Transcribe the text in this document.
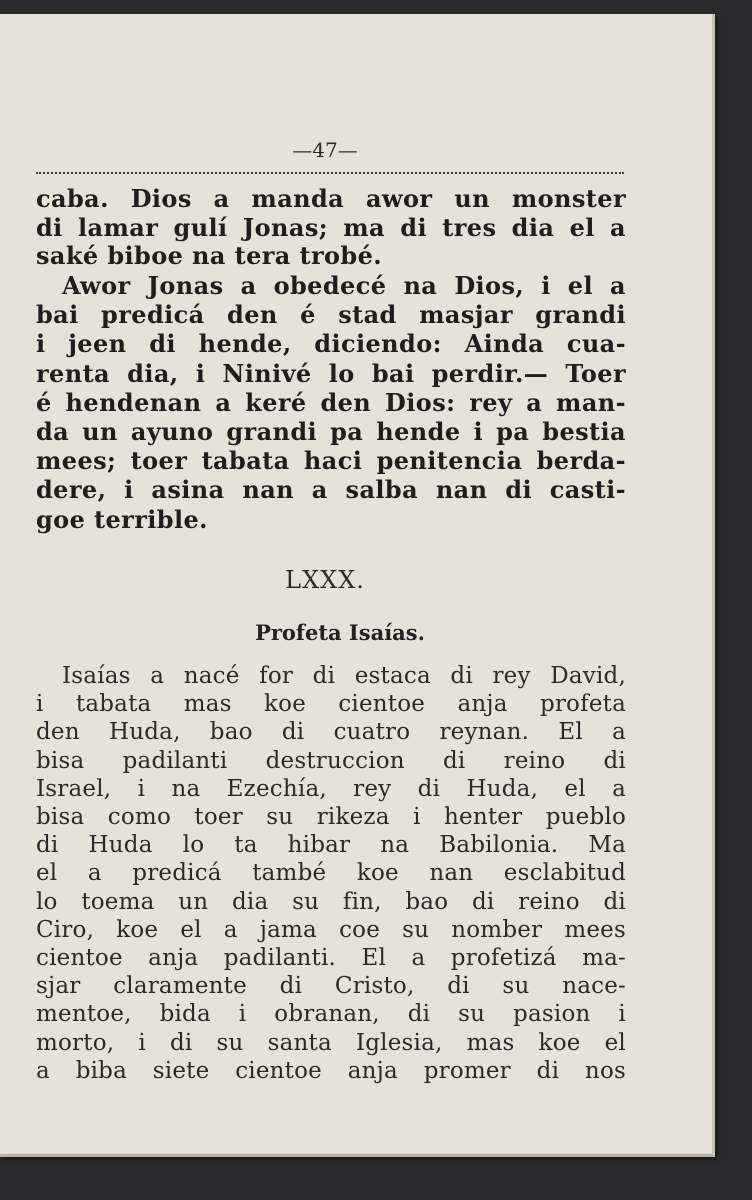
—47—
caba. Dios a manda awor un monster
di lamar gulí Jonas; ma di tres dia el a
saké biboe na tera trobé.
Awor Jonas a obedecé na Dios, i el a
bai predicá den é stad masjar grandi
i jeen di hende, diciendo: Ainda cua-
renta dia, i Ninivé lo bai perdir.— Toer
é hendenan a keré den Dios: rey a man-
da un ayuno grandi pa hende i pa bestia
mees; toer tabata haci penitencia berda-
dere, i asina nan a salba nan di casti-
goe terrible.
LXXX.
Profeta Isaías.
Isaías a nacé for di estaca di rey David,
i tabata mas koe cientoe anja profeta
den Huda, bao di cuatro reynan. El a
bisa padilanti destruccion di reino di
Israel, i na Ezechía, rey di Huda, el a
bisa como toer su rikeza i henter pueblo
di Huda lo ta hibar na Babilonia. Ma
el a predicá també koe nan esclabitud
lo toema un dia su fin, bao di reino di
Ciro, koe el a jama coe su nomber mees
cientoe anja padilanti. El a profetizá ma-
sjar claramente di Cristo, di su nace-
mentoe, bida i obranan, di su pasion i
morto, i di su santa Iglesia, mas koe el
a biba siete cientoe anja promer di nos
